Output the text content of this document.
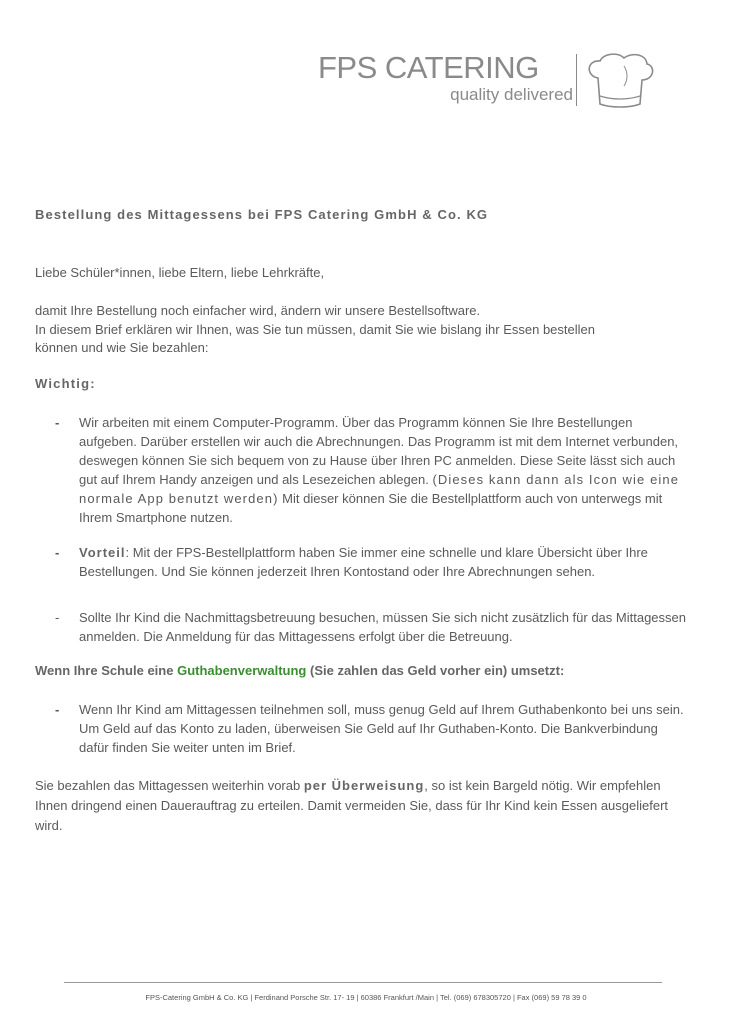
FPS CATERING
quality delivered
Bestellung des Mittagessens bei FPS Catering GmbH & Co. KG
Liebe Schüler*innen, liebe Eltern, liebe Lehrkräfte,
damit Ihre Bestellung noch einfacher wird, ändern wir unsere Bestellsoftware.
In diesem Brief erklären wir Ihnen, was Sie tun müssen, damit Sie wie bislang ihr Essen bestellen
können und wie Sie bezahlen:
Wichtig:
-	Wir arbeiten mit einem Computer-Programm. Über das Programm können Sie Ihre Bestellungen aufgeben. Darüber erstellen wir auch die Abrechnungen. Das Programm ist mit dem Internet verbunden, deswegen können Sie sich bequem von zu Hause über Ihren PC anmelden. Diese Seite lässt sich auch gut auf Ihrem Handy anzeigen und als Lesezeichen ablegen. (Dieses kann dann als Icon wie eine normale App benutzt werden) Mit dieser können Sie die Bestellplattform auch von unterwegs mit Ihrem Smartphone nutzen.
-	Vorteil: Mit der FPS-Bestellplattform haben Sie immer eine schnelle und klare Übersicht über Ihre Bestellungen. Und Sie können jederzeit Ihren Kontostand oder Ihre Abrechnungen sehen.
-	Sollte Ihr Kind die Nachmittagsbetreuung besuchen, müssen Sie sich nicht zusätzlich für das Mittagessen anmelden. Die Anmeldung für das Mittagessens erfolgt über die Betreuung.
Wenn Ihre Schule eine Guthabenverwaltung (Sie zahlen das Geld vorher ein) umsetzt:
-	Wenn Ihr Kind am Mittagessen teilnehmen soll, muss genug Geld auf Ihrem Guthabenkonto bei uns sein. Um Geld auf das Konto zu laden, überweisen Sie Geld auf Ihr Guthaben-Konto. Die Bankverbindung dafür finden Sie weiter unten im Brief.
Sie bezahlen das Mittagessen weiterhin vorab per Überweisung, so ist kein Bargeld nötig. Wir empfehlen Ihnen dringend einen Dauerauftrag zu erteilen. Damit vermeiden Sie, dass für Ihr Kind kein Essen ausgeliefert wird.
FPS-Catering GmbH & Co. KG | Ferdinand Porsche Str. 17- 19 | 60386 Frankfurt /Main | Tel. (069) 678305720 | Fax (069) 59 78 39 0
